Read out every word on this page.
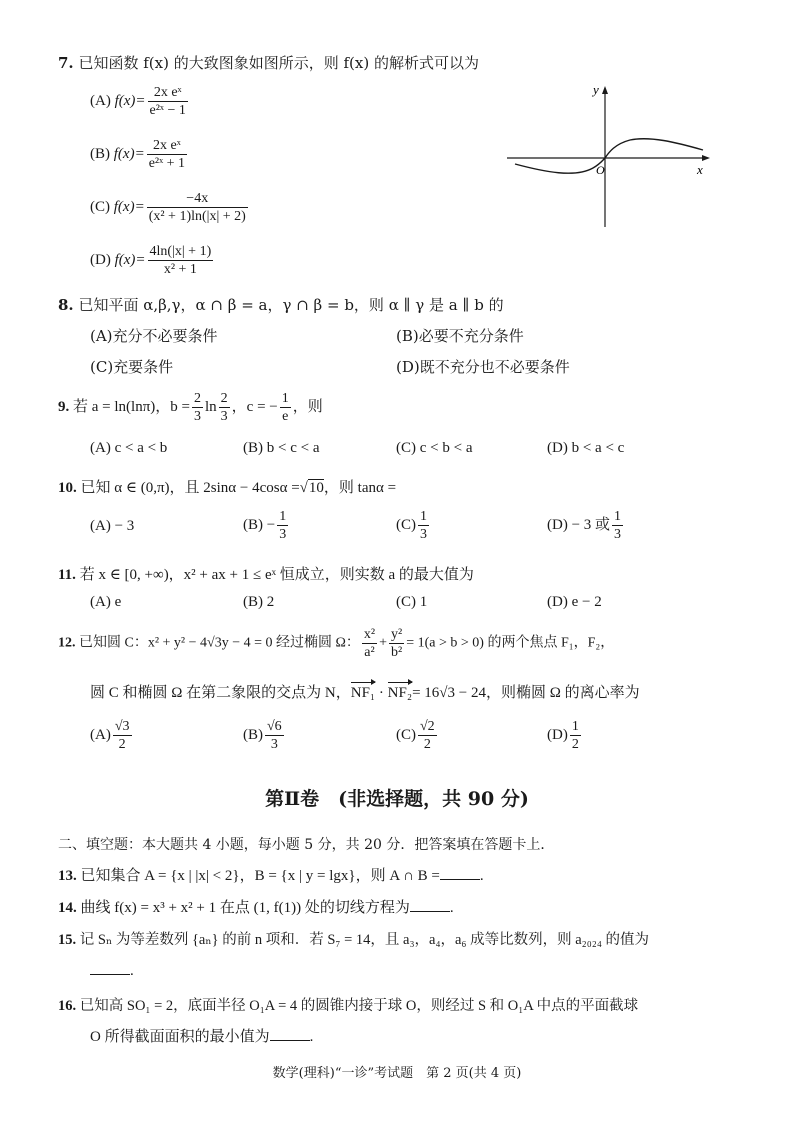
7. 已知函数 f(x) 的大致图象如图所示，则 f(x) 的解析式可以为
(A) $f(x)= \frac{\text{2x eˣ}}{\text{e²ˣ − 1}}$
(B) $f(x)= \frac{\text{2x eˣ}}{\text{e²ˣ + 1}}$
(C) $f(x)= \frac{-4x}{\text{(x² + 1)ln(|x| + 2)}}$
(D) $f(x)= \frac{4\ln(|x| + 1)}{\text{x² + 1}}$
x
y
O
8. 已知平面 α,β,γ，α ∩ β = a，γ ∩ β = b，则 α ∥ γ 是 a ∥ b 的
(A)充分不必要条件	(B)必要不充分条件
(C)充要条件	(D)既不充分也不必要条件
9. 若 a = ln(lnπ)，$b = \frac{2}{3}$ $\ln \frac{2}{3}$ ，c = − $\frac{1}{e}$ ，则
(A) c < a < b	(B) b < c < a	(C) c < b < a	(D) b < a < c
10. 已知 α ∈ (0,π)，且 2sinα − 4cosα =√10，则 tanα =
(A) − 3	$(B) - \frac{1}{3}$	$(C) \frac{1}{3}$	(D) − 3 或 $\frac{1}{3}$
11. 若 x ∈ [0, +∞)，x² + ax + 1 ≤ eˣ 恒成立，则实数 a 的最大值为
(A) e	(B) 2	(C) 1	(D) e − 2
12. 已知圆 C：x² + y² − 4√3y − 4 = 0 经过椭圆 Ω： $\frac{\text{x²}}{\text{a²}} + \frac{\text{y²}}{\text{b²}} = 1(a > b > 0)$ 的两个焦点 F₁，F₂，
圆 C 和椭圆 Ω 在第二象限的交点为 N，NF₁ · NF₂= 16√3 − 24，则椭圆 Ω 的离心率为
$(A) \frac{√3}{2}$	$(B) \frac{√6}{3}$	$(C) \frac{√2}{2}$	$(D) \frac{1}{2}$
第Ⅱ卷　(非选择题，共 90 分)
二、填空题：本大题共 4 小题，每小题 5 分，共 20 分．把答案填在答题卡上．
13. 已知集合 A = {x | |x| < 2}，B = {x | y = lgx}，则 A ∩ B =	.
14. 曲线 f(x) = x³ + x² + 1 在点 (1, f(1)) 处的切线方程为	.
15. 记 Sₙ 为等差数列 {aₙ} 的前 n 项和．若 S₇ = 14，且 a₃，a₄，a₆ 成等比数列，则 a₂₀₂₄ 的值为
.
16. 已知高 SO₁ = 2，底面半径 O₁A = 4 的圆锥内接于球 O，则经过 S 和 O₁A 中点的平面截球
O 所得截面面积的最小值为	.
数学(理科)“一诊”考试题　第 2 页(共 4 页)
